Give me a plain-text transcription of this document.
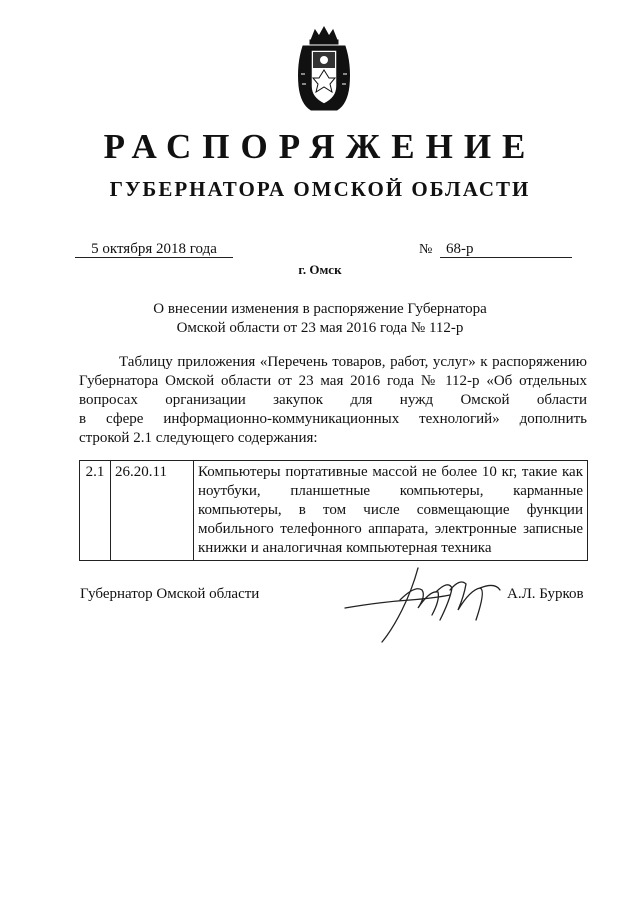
РАСПОРЯЖЕНИЕ
ГУБЕРНАТОРА ОМСКОЙ ОБЛАСТИ
5 октября 2018 года	№ 68-р
г. Омск
О внесении изменения в распоряжение Губернатора
Омской области от 23 мая 2016 года № 112-р
Таблицу приложения «Перечень товаров, работ, услуг» к распоряжению
Губернатора Омской области от 23 мая 2016 года № 112-р «Об отдельных
вопросах организации закупок для нужд Омской области
в сфере информационно-коммуникационных технологий» дополнить
строкой 2.1 следующего содержания:
2.1	26.20.11	Компьютеры портативные массой не более 10 кг, такие как
ноутбуки, планшетные компьютеры, карманные
компьютеры, в том числе совмещающие функции
мобильного телефонного аппарата, электронные записные
книжки и аналогичная компьютерная техника
Губернатор Омской области	А.Л. Бурков
